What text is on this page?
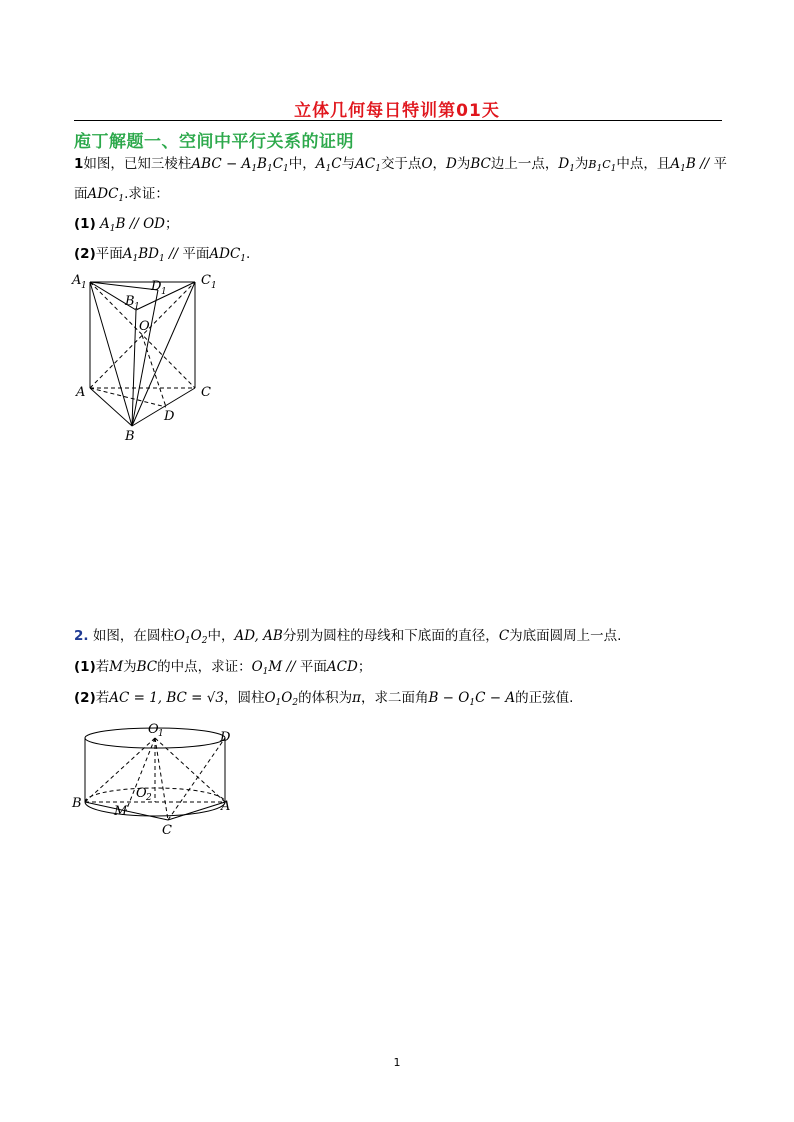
立体几何每日特训第01天
庖丁解题一、空间中平行关系的证明
1如图，已知三棱柱ABC − $A_1B_1C_1$中，$A_1C$与$AC_1$交于点O，D为BC边上一点，$D_1$为$B_1C_1$中点，且$A_1B$ // 平
面$ADC_1$.求证：
(1) $A_1B$ // OD；
(2)平面$A_1BD_1$ // 平面$ADC_1$.
A 1	C 1
D 1
B 1
O
A	C
D
B
2. 如图，在圆柱$O_1O_2$中，AD, AB分别为圆柱的母线和下底面的直径，C为底面圆周上一点.
(1)若M为BC的中点，求证：$O_1M$ // 平面ACD；
(2)若AC = 1, BC = √3，圆柱$O_1O_2$的体积为π，求二面角$B - O_1C - A$的正弦值.
O 1	D
O 2
B	A
M
C
1
